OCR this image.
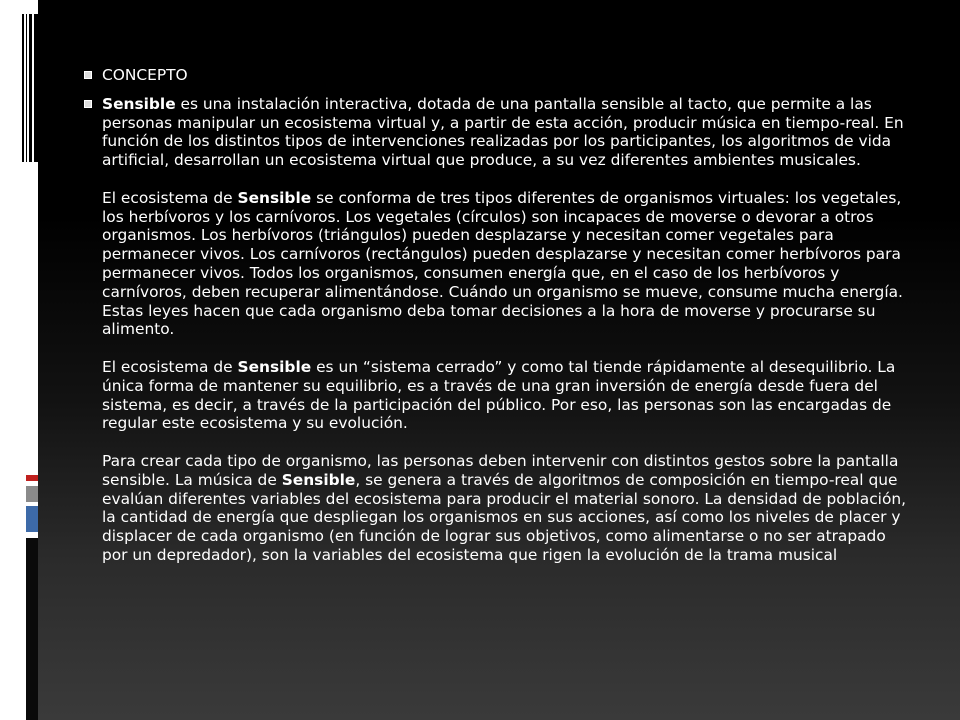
CONCEPTO

Sensible es una instalación interactiva, dotada de una pantalla sensible al tacto, que permite a las personas manipular un ecosistema virtual y, a partir de esta acción, producir música en tiempo-real. En función de los distintos tipos de intervenciones realizadas por los participantes, los algoritmos de vida artificial, desarrollan un ecosistema virtual que produce, a su vez diferentes ambientes musicales.

El ecosistema de Sensible se conforma de tres tipos diferentes de organismos virtuales: los vegetales, los herbívoros y los carnívoros. Los vegetales (círculos) son incapaces de moverse o devorar a otros organismos. Los herbívoros (triángulos) pueden desplazarse y necesitan comer vegetales para permanecer vivos. Los carnívoros (rectángulos) pueden desplazarse y necesitan comer herbívoros para permanecer vivos. Todos los organismos, consumen energía que, en el caso de los herbívoros y carnívoros, deben recuperar alimentándose. Cuándo un organismo se mueve, consume mucha energía. Estas leyes hacen que cada organismo deba tomar decisiones a la hora de moverse y procurarse su alimento.

El ecosistema de Sensible es un “sistema cerrado” y como tal tiende rápidamente al desequilibrio. La única forma de mantener su equilibrio, es a través de una gran inversión de energía desde fuera del sistema, es decir, a través de la participación del público. Por eso, las personas son las encargadas de regular este ecosistema y su evolución.

Para crear cada tipo de organismo, las personas deben intervenir con distintos gestos sobre la pantalla sensible. La música de Sensible, se genera a través de algoritmos de composición en tiempo-real que evalúan diferentes variables del ecosistema para producir el material sonoro. La densidad de población, la cantidad de energía que despliegan los organismos en sus acciones, así como los niveles de placer y displacer de cada organismo (en función de lograr sus objetivos, como alimentarse o no ser atrapado por un depredador), son la variables del ecosistema que rigen la evolución de la trama musical
